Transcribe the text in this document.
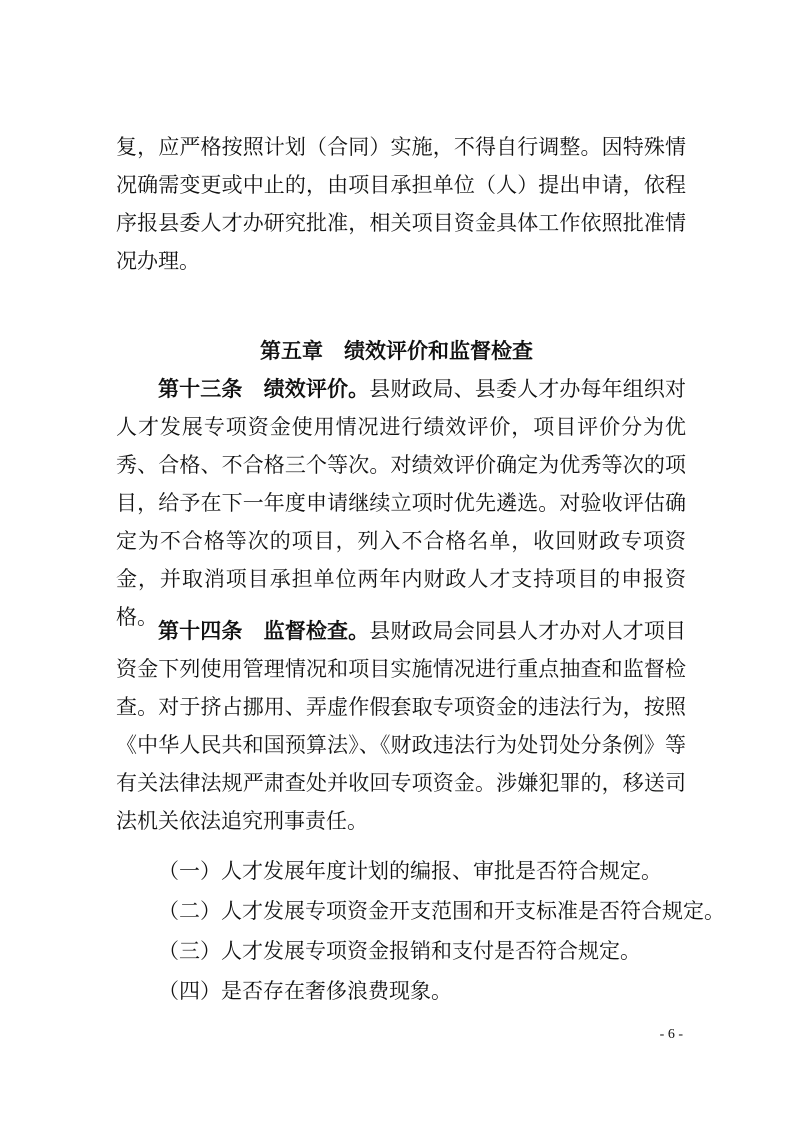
复，应严格按照计划（合同）实施，不得自行调整。因特殊情况确需变更或中止的，由项目承担单位（人）提出申请，依程序报县委人才办研究批准，相关项目资金具体工作依照批准情况办理。

第五章　绩效评价和监督检查

第十三条　绩效评价。县财政局、县委人才办每年组织对人才发展专项资金使用情况进行绩效评价，项目评价分为优秀、合格、不合格三个等次。对绩效评价确定为优秀等次的项目，给予在下一年度申请继续立项时优先遴选。对验收评估确定为不合格等次的项目，列入不合格名单，收回财政专项资金，并取消项目承担单位两年内财政人才支持项目的申报资格。

第十四条　监督检查。县财政局会同县人才办对人才项目资金下列使用管理情况和项目实施情况进行重点抽查和监督检查。对于挤占挪用、弄虚作假套取专项资金的违法行为，按照《中华人民共和国预算法》、《财政违法行为处罚处分条例》等有关法律法规严肃查处并收回专项资金。涉嫌犯罪的，移送司法机关依法追究刑事责任。

（一）人才发展年度计划的编报、审批是否符合规定。

（二）人才发展专项资金开支范围和开支标准是否符合规定。

（三）人才发展专项资金报销和支付是否符合规定。

（四）是否存在奢侈浪费现象。

- 6 -
